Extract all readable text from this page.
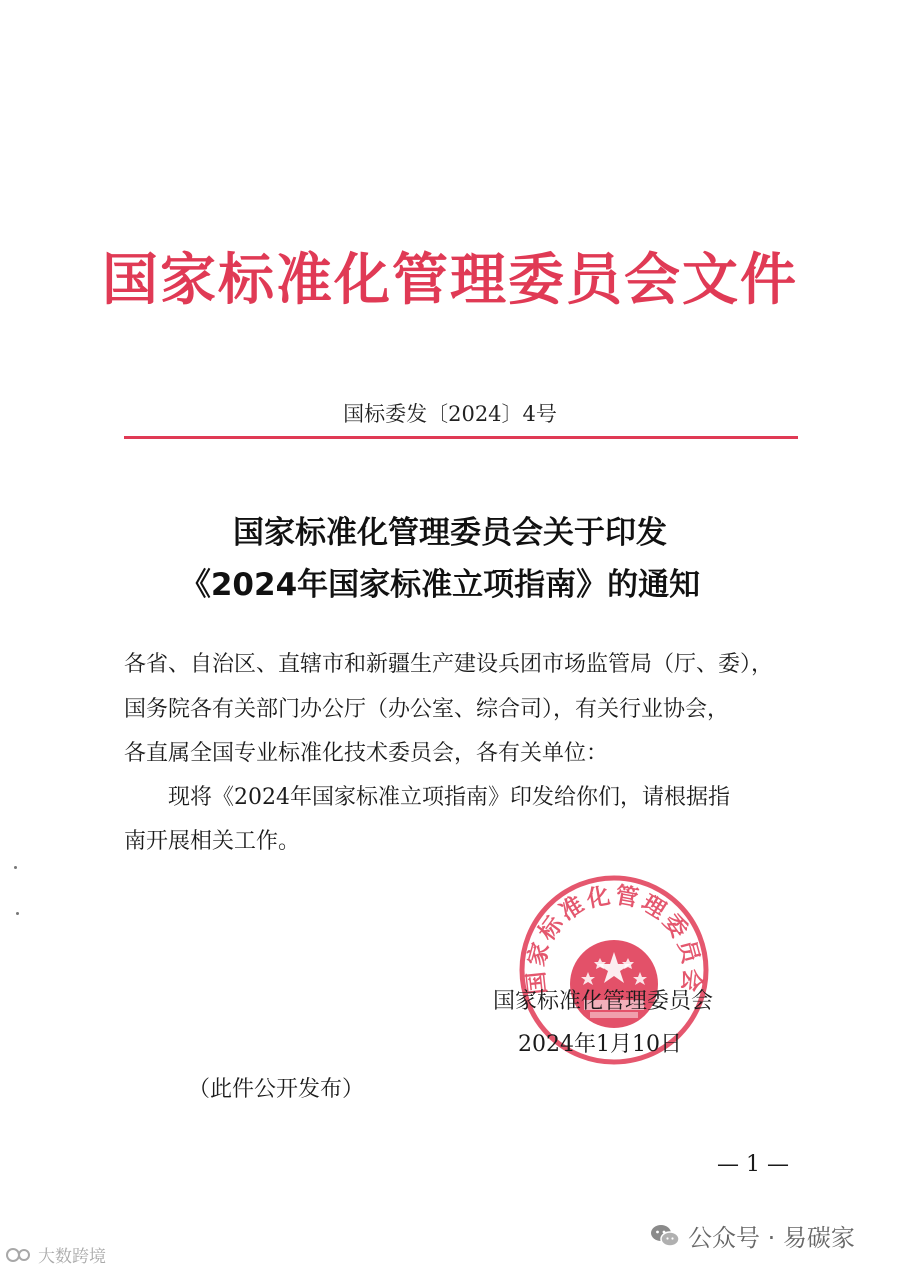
国家标准化管理委员会文件
国标委发〔2024〕4号
国家标准化管理委员会关于印发
《2024年国家标准立项指南》的通知
各省、自治区、直辖市和新疆生产建设兵团市场监管局（厅、委），
国务院各有关部门办公厅（办公室、综合司），有关行业协会，
各直属全国专业标准化技术委员会，各有关单位：
现将《2024年国家标准立项指南》印发给你们，请根据指
南开展相关工作。
国家标准化管理委员会
国家标准化管理委员会
2024年1月10日
（此件公开发布）
— 1 —
公众号 · 易碳家
大数跨境
